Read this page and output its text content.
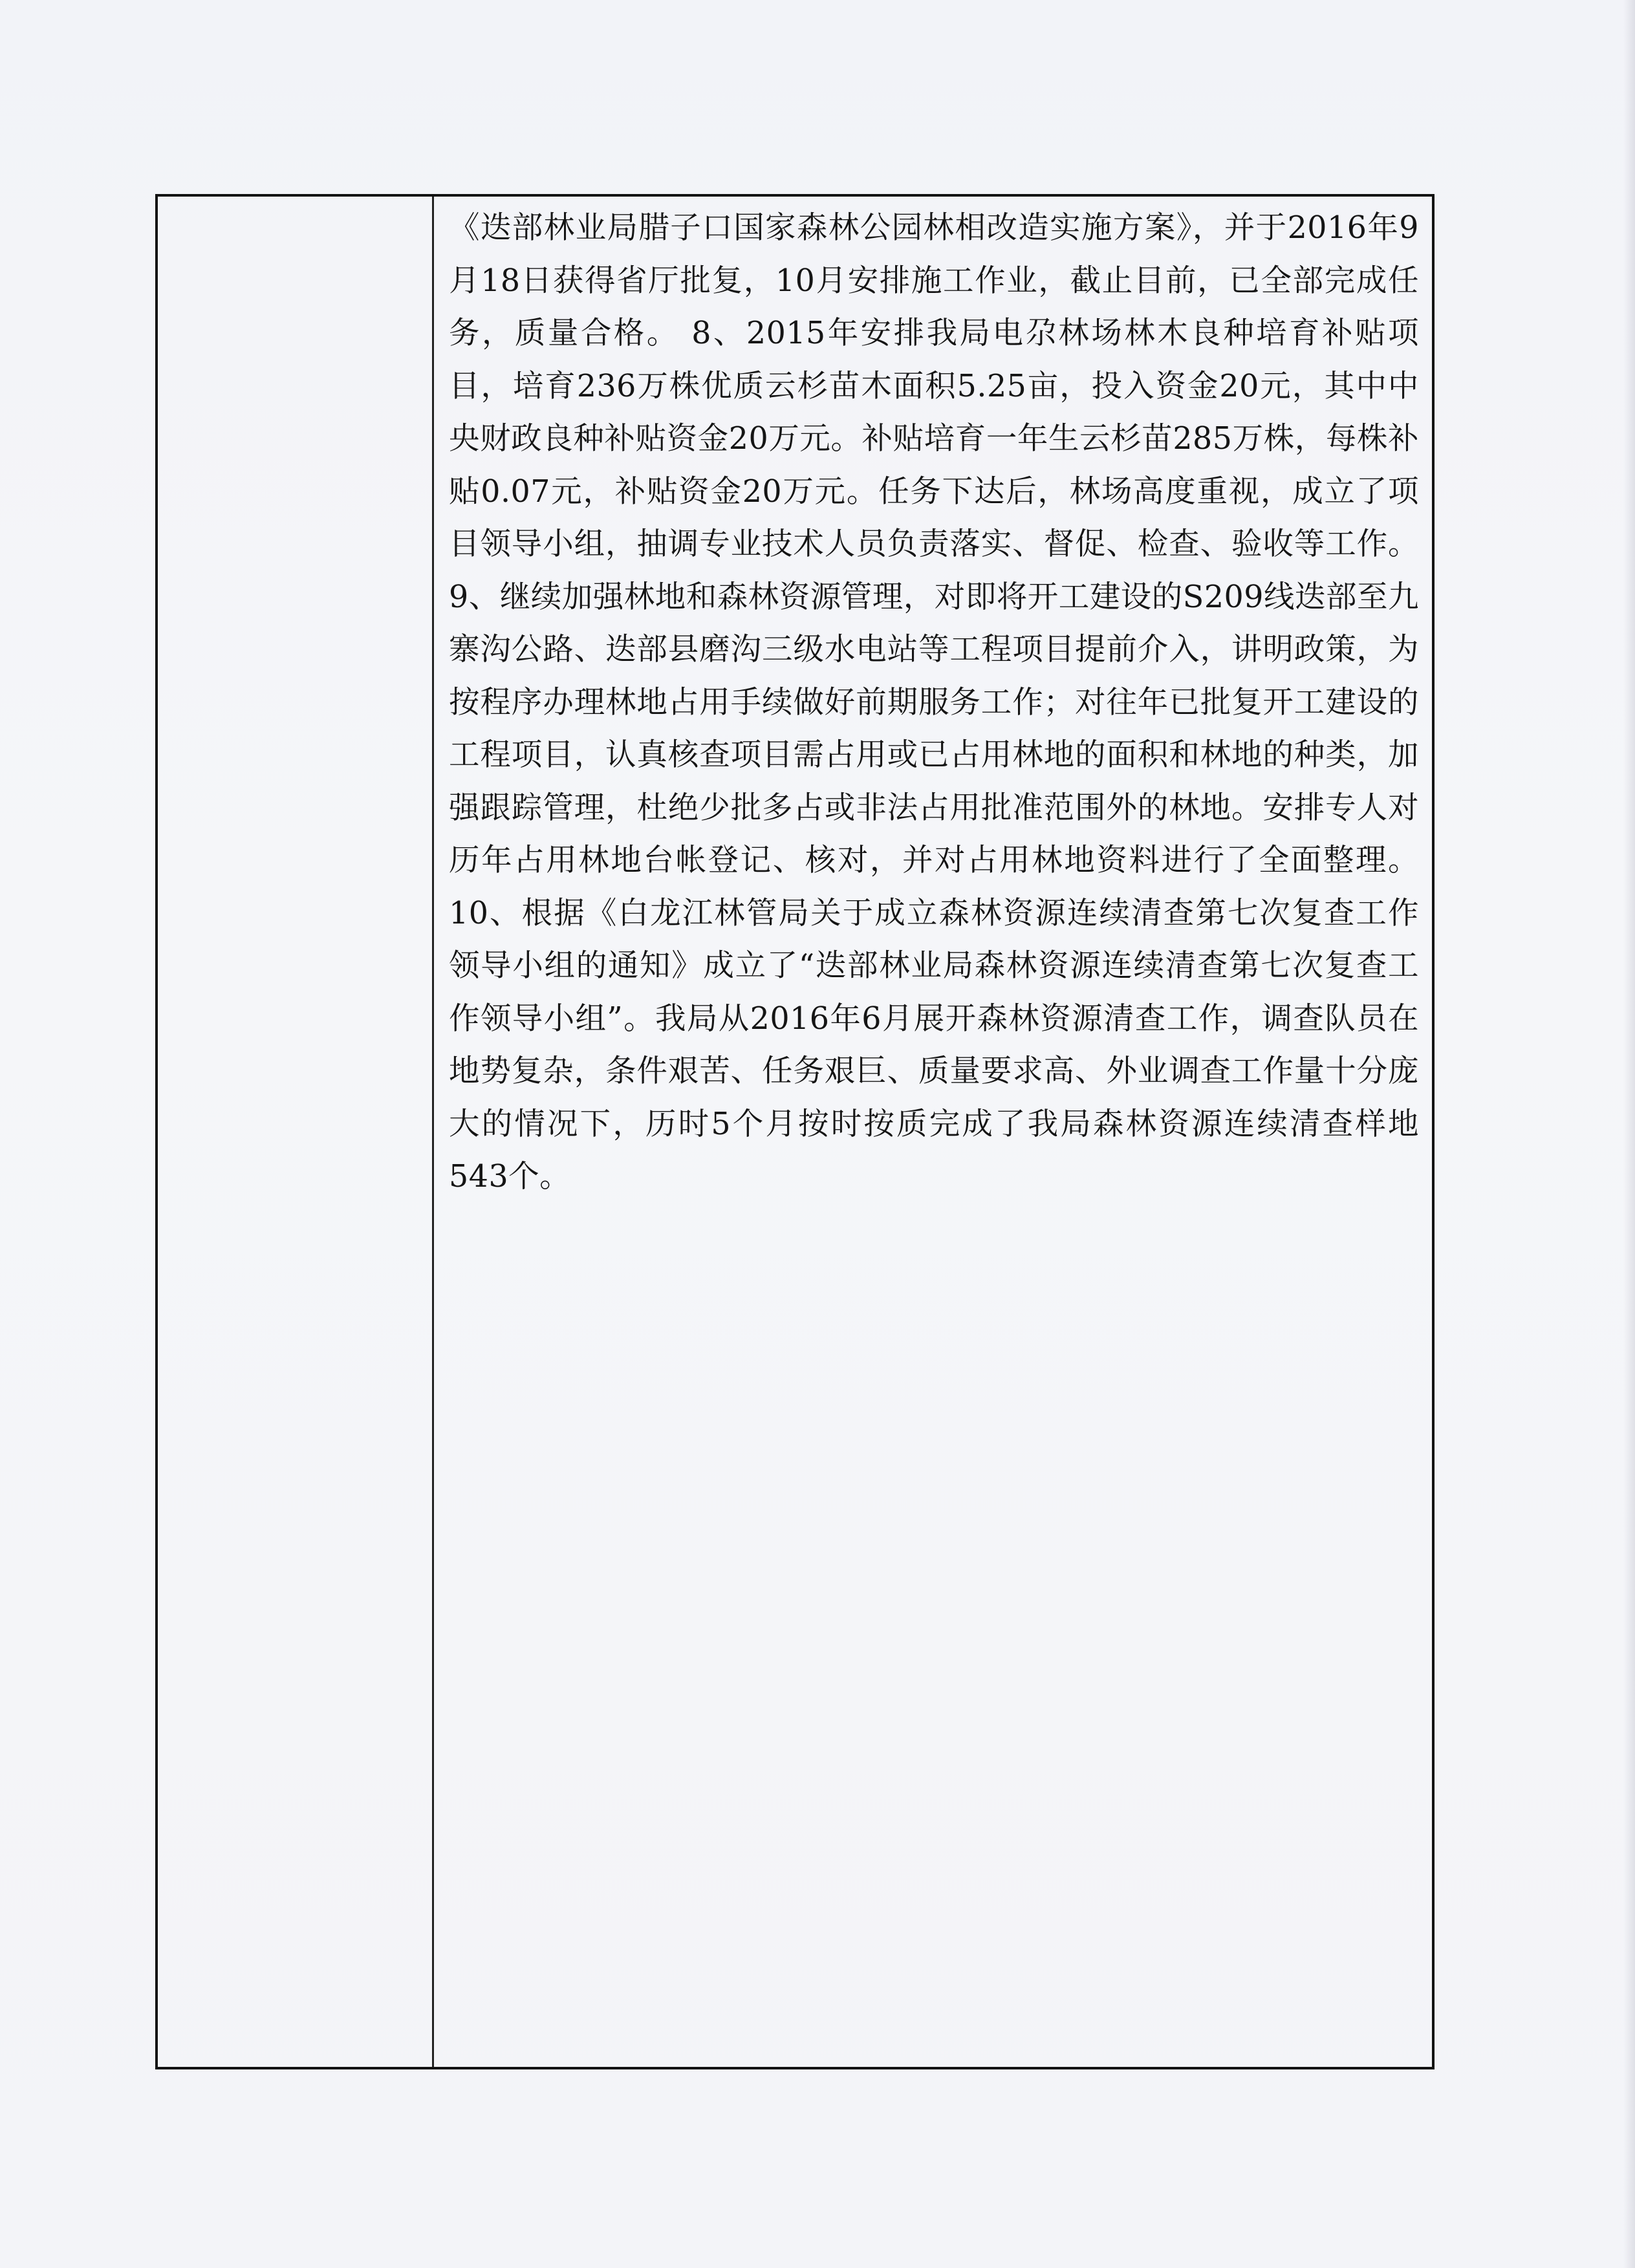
《迭部林业局腊子口国家森林公园林相改造实施方案》，并于2016年9月18日获得省厅批复，10月安排施工作业，截止目前，已全部完成任务，质量合格。 8、2015年安排我局电尕林场林木良种培育补贴项目，培育236万株优质云杉苗木面积5.25亩，投入资金20元，其中中央财政良种补贴资金20万元。补贴培育一年生云杉苗285万株，每株补贴0.07元，补贴资金20万元。任务下达后，林场高度重视，成立了项目领导小组，抽调专业技术人员负责落实、督促、检查、验收等工作。 9、继续加强林地和森林资源管理，对即将开工建设的S209线迭部至九寨沟公路、迭部县磨沟三级水电站等工程项目提前介入，讲明政策，为按程序办理林地占用手续做好前期服务工作；对往年已批复开工建设的工程项目，认真核查项目需占用或已占用林地的面积和林地的种类，加强跟踪管理，杜绝少批多占或非法占用批准范围外的林地。安排专人对历年占用林地台帐登记、核对，并对占用林地资料进行了全面整理。 10、根据《白龙江林管局关于成立森林资源连续清查第七次复查工作领导小组的通知》成立了“迭部林业局森林资源连续清查第七次复查工作领导小组”。我局从2016年6月展开森林资源清查工作，调查队员在地势复杂，条件艰苦、任务艰巨、质量要求高、外业调查工作量十分庞大的情况下，历时5个月按时按质完成了我局森林资源连续清查样地543个。
